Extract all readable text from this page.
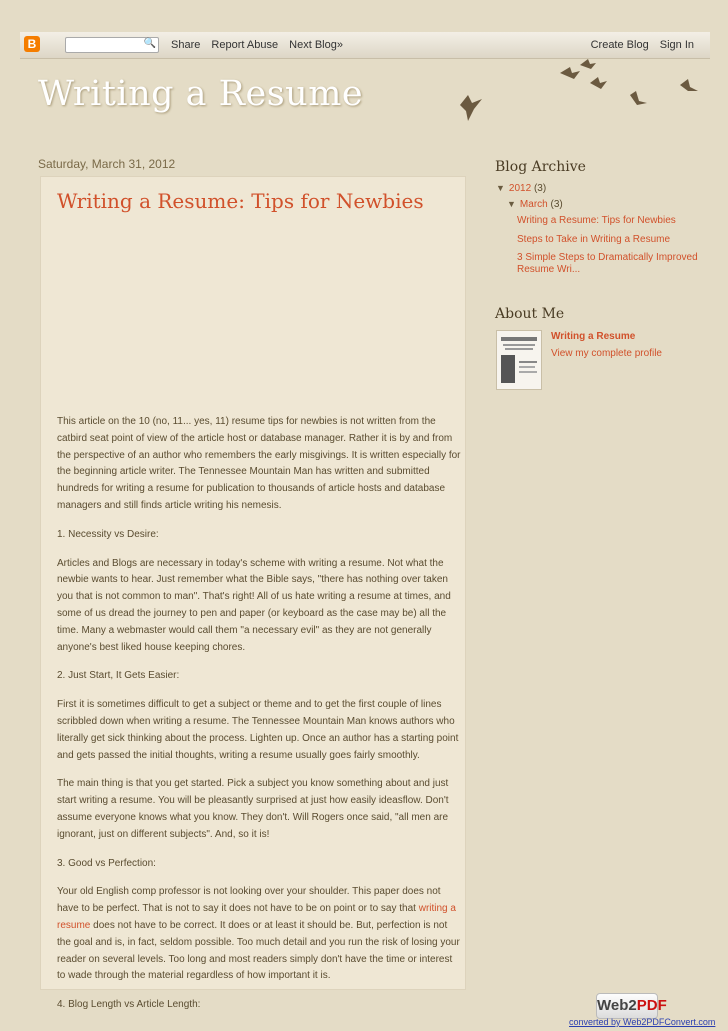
B	🔍 Share Report Abuse Next Blog»	Create Blog Sign In
Writing a Resume
Saturday, March 31, 2012
Writing a Resume: Tips for Newbies

This article on the 10 (no, 11... yes, 11) resume tips for newbies is not written from the catbird seat point of view of the article host or database manager. Rather it is by and from the perspective of an author who remembers the early misgivings. It is written especially for the beginning article writer. The Tennessee Mountain Man has written and submitted hundreds for writing a resume for publication to thousands of article hosts and database managers and still finds article writing his nemesis.

1. Necessity vs Desire:

Articles and Blogs are necessary in today's scheme with writing a resume. Not what the newbie wants to hear. Just remember what the Bible says, "there has nothing over taken you that is not common to man". That's right! All of us hate writing a resume at times, and some of us dread the journey to pen and paper (or keyboard as the case may be) all the time. Many a webmaster would call them "a necessary evil" as they are not generally anyone's best liked house keeping chores.

2. Just Start, It Gets Easier:

First it is sometimes difficult to get a subject or theme and to get the first couple of lines scribbled down when writing a resume. The Tennessee Mountain Man knows authors who literally get sick thinking about the process. Lighten up. Once an author has a starting point and gets passed the initial thoughts, writing a resume usually goes fairly smoothly.

The main thing is that you get started. Pick a subject you know something about and just start writing a resume. You will be pleasantly surprised at just how easily ideasflow. Don't assume everyone knows what you know. They don't. Will Rogers once said, "all men are ignorant, just on different subjects". And, so it is!

3. Good vs Perfection:

Your old English comp professor is not looking over your shoulder. This paper does not have to be perfect. That is not to say it does not have to be on point or to say that writing a resume does not have to be correct. It does or at least it should be. But, perfection is not the goal and is, in fact, seldom possible. Too much detail and you run the risk of losing your reader on several levels. Too long and most readers simply don't have the time or interest to wade through the material regardless of how important it is.

4. Blog Length vs Article Length:

Blog Archive
▼ 2012 (3)
▼ March (3)
Writing a Resume: Tips for Newbies
Steps to Take in Writing a Resume
3 Simple Steps to Dramatically Improved Resume Wri...
About Me
Writing a Resume
View my complete profile
Web2PDF
converted by Web2PDFConvert.com
